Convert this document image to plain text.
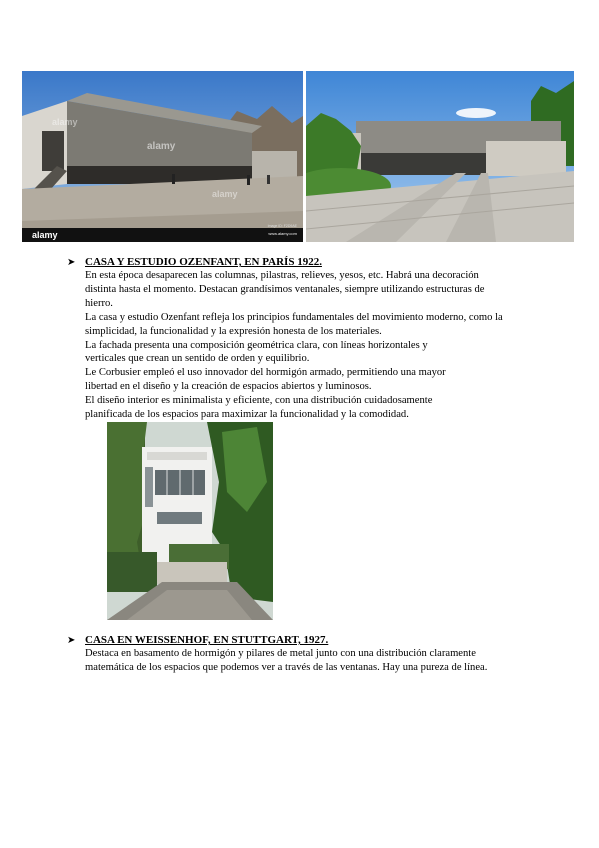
alamy
alamy
alamy
alamy
Image ID: F2D9AE
www.alamy.com
➤ CASA Y ESTUDIO OZENFANT, EN PARÍS 1922.
En esta época desaparecen las columnas, pilastras, relieves, yesos, etc. Habrá una decoración
distinta hasta el momento. Destacan grandísimos ventanales, siempre utilizando estructuras de
hierro.
La casa y estudio Ozenfant refleja los principios fundamentales del movimiento moderno, como la
simplicidad, la funcionalidad y la expresión honesta de los materiales.
La fachada presenta una composición geométrica clara, con líneas horizontales y
verticales que crean un sentido de orden y equilibrio.
Le Corbusier empleó el uso innovador del hormigón armado, permitiendo una mayor
libertad en el diseño y la creación de espacios abiertos y luminosos.
El diseño interior es minimalista y eficiente, con una distribución cuidadosamente
planificada de los espacios para maximizar la funcionalidad y la comodidad.
➤ CASA EN WEISSENHOF, EN STUTTGART, 1927.
Destaca en basamento de hormigón y pilares de metal junto con una distribución claramente
matemática de los espacios que podemos ver a través de las ventanas. Hay una pureza de línea.
